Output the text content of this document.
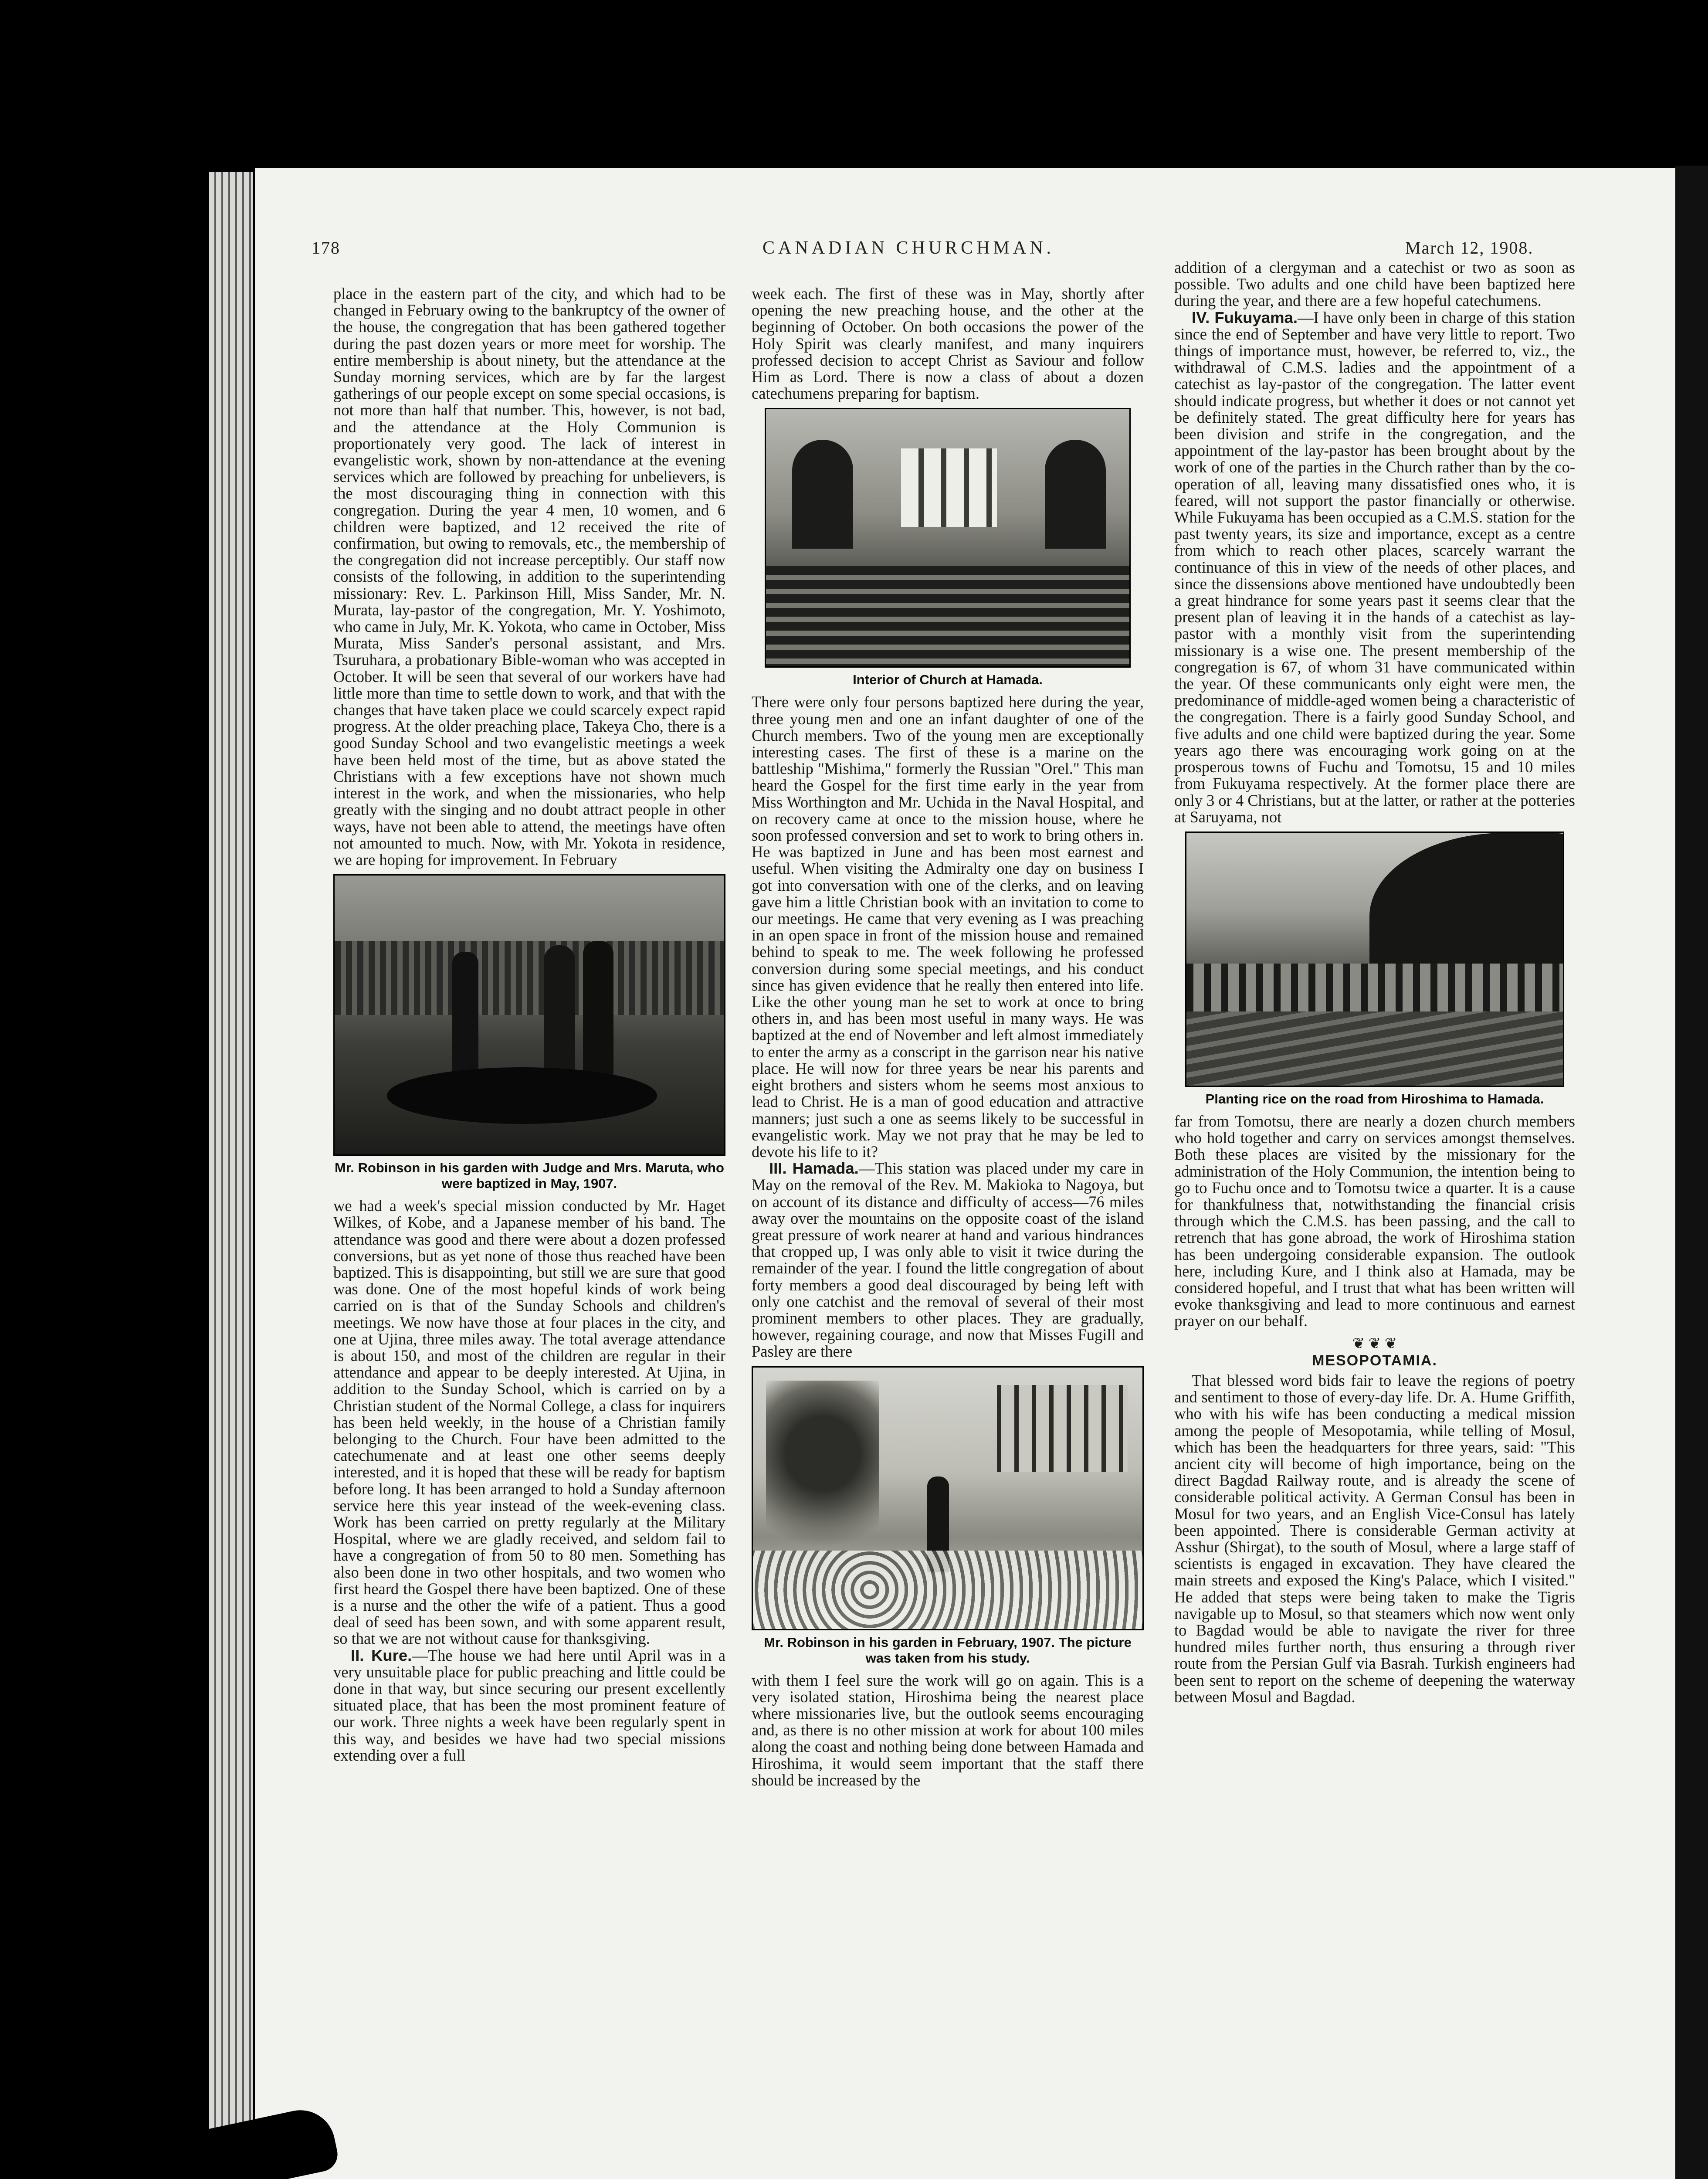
178	CANADIAN CHURCHMAN.	March 12, 1908.

place in the eastern part of the city, and which had to be changed in February owing to the bankruptcy of the owner of the house, the congregation that has been gathered together during the past dozen years or more meet for worship. The entire membership is about ninety, but the attendance at the Sunday morning services, which are by far the largest gatherings of our people except on some special occasions, is not more than half that number. This, however, is not bad, and the attendance at the Holy Communion is proportionately very good. The lack of interest in evangelistic work, shown by non-attendance at the evening services which are followed by preaching for unbelievers, is the most discouraging thing in connection with this congregation. During the year 4 men, 10 women, and 6 children were baptized, and 12 received the rite of confirmation, but owing to removals, etc., the membership of the congregation did not increase perceptibly. Our staff now consists of the following, in addition to the superintending missionary: Rev. L. Parkinson Hill, Miss Sander, Mr. N. Murata, lay-pastor of the congregation, Mr. Y. Yoshimoto, who came in July, Mr. K. Yokota, who came in October, Miss Murata, Miss Sander's personal assistant, and Mrs. Tsuruhara, a probationary Bible-woman who was accepted in October. It will be seen that several of our workers have had little more than time to settle down to work, and that with the changes that have taken place we could scarcely expect rapid progress. At the older preaching place, Takeya Cho, there is a good Sunday School and two evangelistic meetings a week have been held most of the time, but as above stated the Christians with a few exceptions have not shown much interest in the work, and when the missionaries, who help greatly with the singing and no doubt attract people in other ways, have not been able to attend, the meetings have often not amounted to much. Now, with Mr. Yokota in residence, we are hoping for improvement. In February

Mr. Robinson in his garden with Judge and Mrs. Maruta, who were baptized in May, 1907.

we had a week's special mission conducted by Mr. Haget Wilkes, of Kobe, and a Japanese member of his band. The attendance was good and there were about a dozen professed conversions, but as yet none of those thus reached have been baptized. This is disappointing, but still we are sure that good was done. One of the most hopeful kinds of work being carried on is that of the Sunday Schools and children's meetings. We now have those at four places in the city, and one at Ujina, three miles away. The total average attendance is about 150, and most of the children are regular in their attendance and appear to be deeply interested. At Ujina, in addition to the Sunday School, which is carried on by a Christian student of the Normal College, a class for inquirers has been held weekly, in the house of a Christian family belonging to the Church. Four have been admitted to the catechumenate and at least one other seems deeply interested, and it is hoped that these will be ready for baptism before long. It has been arranged to hold a Sunday afternoon service here this year instead of the week-evening class. Work has been carried on pretty regularly at the Military Hospital, where we are gladly received, and seldom fail to have a congregation of from 50 to 80 men. Something has also been done in two other hospitals, and two women who first heard the Gospel there have been baptized. One of these is a nurse and the other the wife of a patient. Thus a good deal of seed has been sown, and with some apparent result, so that we are not without cause for thanksgiving.

II. Kure.—The house we had here until April was in a very unsuitable place for public preaching and little could be done in that way, but since securing our present excellently situated place, that has been the most prominent feature of our work. Three nights a week have been regularly spent in this way, and besides we have had two special missions extending over a full

week each. The first of these was in May, shortly after opening the new preaching house, and the other at the beginning of October. On both occasions the power of the Holy Spirit was clearly manifest, and many inquirers professed decision to accept Christ as Saviour and follow Him as Lord. There is now a class of about a dozen catechumens preparing for baptism.

Interior of Church at Hamada.

There were only four persons baptized here during the year, three young men and one an infant daughter of one of the Church members. Two of the young men are exceptionally interesting cases. The first of these is a marine on the battleship "Mishima," formerly the Russian "Orel." This man heard the Gospel for the first time early in the year from Miss Worthington and Mr. Uchida in the Naval Hospital, and on recovery came at once to the mission house, where he soon professed conversion and set to work to bring others in. He was baptized in June and has been most earnest and useful. When visiting the Admiralty one day on business I got into conversation with one of the clerks, and on leaving gave him a little Christian book with an invitation to come to our meetings. He came that very evening as I was preaching in an open space in front of the mission house and remained behind to speak to me. The week following he professed conversion during some special meetings, and his conduct since has given evidence that he really then entered into life. Like the other young man he set to work at once to bring others in, and has been most useful in many ways. He was baptized at the end of November and left almost immediately to enter the army as a conscript in the garrison near his native place. He will now for three years be near his parents and eight brothers and sisters whom he seems most anxious to lead to Christ. He is a man of good education and attractive manners; just such a one as seems likely to be successful in evangelistic work. May we not pray that he may be led to devote his life to it?

III. Hamada.—This station was placed under my care in May on the removal of the Rev. M. Makioka to Nagoya, but on account of its distance and difficulty of access—76 miles away over the mountains on the opposite coast of the island great pressure of work nearer at hand and various hindrances that cropped up, I was only able to visit it twice during the remainder of the year. I found the little congregation of about forty members a good deal discouraged by being left with only one catchist and the removal of several of their most prominent members to other places. They are gradually, however, regaining courage, and now that Misses Fugill and Pasley are there

Mr. Robinson in his garden in February, 1907. The picture was taken from his study.

with them I feel sure the work will go on again. This is a very isolated station, Hiroshima being the nearest place where missionaries live, but the outlook seems encouraging and, as there is no other mission at work for about 100 miles along the coast and nothing being done between Hamada and Hiroshima, it would seem important that the staff there should be increased by the

addition of a clergyman and a catechist or two as soon as possible. Two adults and one child have been baptized here during the year, and there are a few hopeful catechumens.

IV. Fukuyama.—I have only been in charge of this station since the end of September and have very little to report. Two things of importance must, however, be referred to, viz., the withdrawal of C.M.S. ladies and the appointment of a catechist as lay-pastor of the congregation. The latter event should indicate progress, but whether it does or not cannot yet be definitely stated. The great difficulty here for years has been division and strife in the congregation, and the appointment of the lay-pastor has been brought about by the work of one of the parties in the Church rather than by the co-operation of all, leaving many dissatisfied ones who, it is feared, will not support the pastor financially or otherwise. While Fukuyama has been occupied as a C.M.S. station for the past twenty years, its size and importance, except as a centre from which to reach other places, scarcely warrant the continuance of this in view of the needs of other places, and since the dissensions above mentioned have undoubtedly been a great hindrance for some years past it seems clear that the present plan of leaving it in the hands of a catechist as lay-pastor with a monthly visit from the superintending missionary is a wise one. The present membership of the congregation is 67, of whom 31 have communicated within the year. Of these communicants only eight were men, the predominance of middle-aged women being a characteristic of the congregation. There is a fairly good Sunday School, and five adults and one child were baptized during the year. Some years ago there was encouraging work going on at the prosperous towns of Fuchu and Tomotsu, 15 and 10 miles from Fukuyama respectively. At the former place there are only 3 or 4 Christians, but at the latter, or rather at the potteries at Saruyama, not

Planting rice on the road from Hiroshima to Hamada.

far from Tomotsu, there are nearly a dozen church members who hold together and carry on services amongst themselves. Both these places are visited by the missionary for the administration of the Holy Communion, the intention being to go to Fuchu once and to Tomotsu twice a quarter. It is a cause for thankfulness that, notwithstanding the financial crisis through which the C.M.S. has been passing, and the call to retrench that has gone abroad, the work of Hiroshima station has been undergoing considerable expansion. The outlook here, including Kure, and I think also at Hamada, may be considered hopeful, and I trust that what has been written will evoke thanksgiving and lead to more continuous and earnest prayer on our behalf.

❦ ❦ ❦
MESOPOTAMIA.

That blessed word bids fair to leave the regions of poetry and sentiment to those of every-day life. Dr. A. Hume Griffith, who with his wife has been conducting a medical mission among the people of Mesopotamia, while telling of Mosul, which has been the headquarters for three years, said: "This ancient city will become of high importance, being on the direct Bagdad Railway route, and is already the scene of considerable political activity. A German Consul has been in Mosul for two years, and an English Vice-Consul has lately been appointed. There is considerable German activity at Asshur (Shirgat), to the south of Mosul, where a large staff of scientists is engaged in excavation. They have cleared the main streets and exposed the King's Palace, which I visited." He added that steps were being taken to make the Tigris navigable up to Mosul, so that steamers which now went only to Bagdad would be able to navigate the river for three hundred miles further north, thus ensuring a through river route from the Persian Gulf via Basrah. Turkish engineers had been sent to report on the scheme of deepening the waterway between Mosul and Bagdad.
